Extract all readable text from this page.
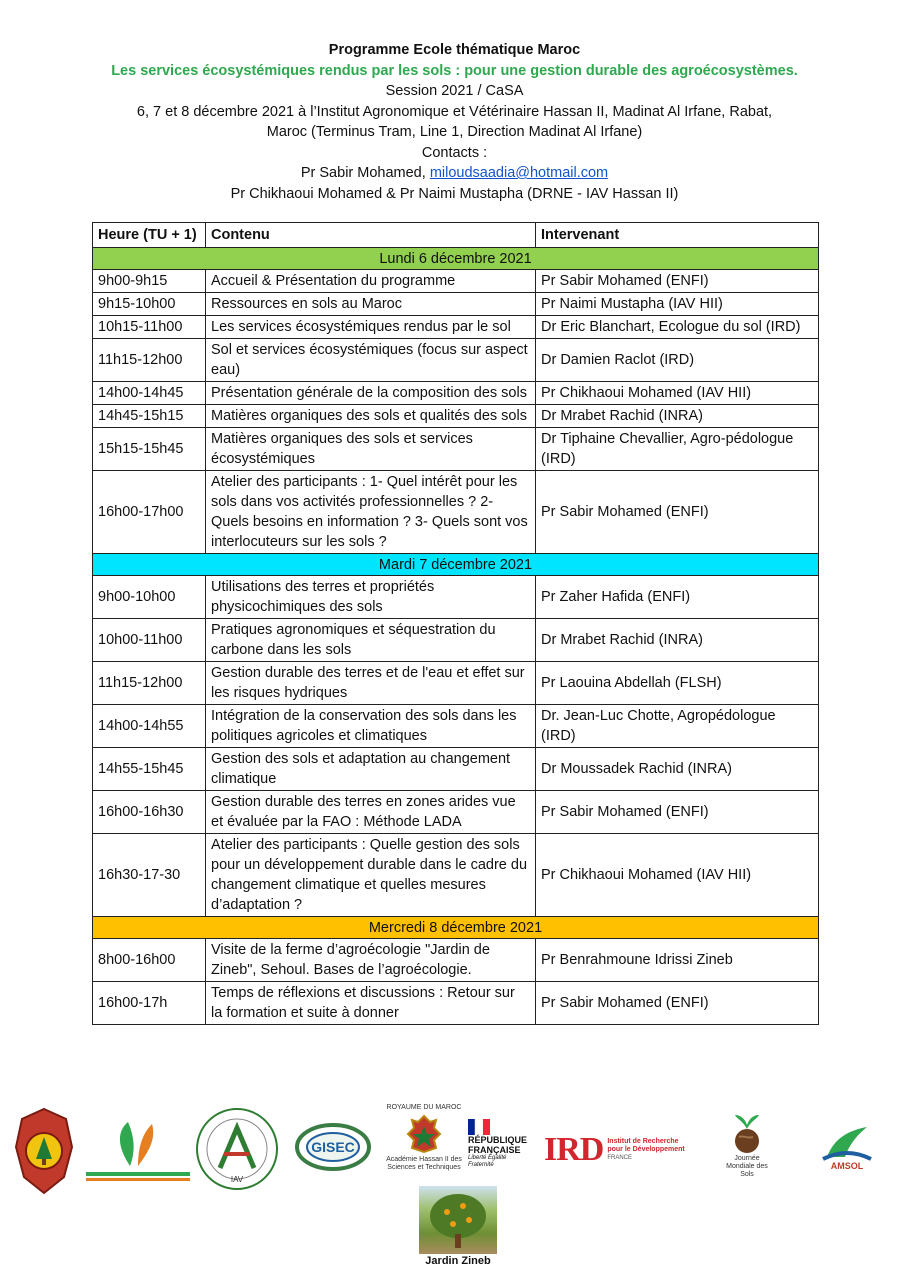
Programme Ecole thématique Maroc
Les services écosystémiques rendus par les sols : pour une gestion durable des agroécosystèmes.
Session 2021 / CaSA
6, 7 et 8 décembre 2021 à l’Institut Agronomique et Vétérinaire Hassan II, Madinat Al Irfane, Rabat,
Maroc (Terminus Tram, Line 1, Direction Madinat Al Irfane)
Contacts :
Pr Sabir Mohamed, miloudsaadia@hotmail.com
Pr Chikhaoui Mohamed & Pr Naimi Mustapha (DRNE - IAV Hassan II)
Heure (TU + 1)	Contenu	Intervenant
Lundi 6 décembre 2021		
9h00-9h15	Accueil & Présentation du programme	Pr Sabir Mohamed (ENFI)
9h15-10h00	Ressources en sols au Maroc	Pr Naimi Mustapha (IAV HII)
10h15-11h00	Les services écosystémiques rendus par le sol	Dr Eric Blanchart, Ecologue du sol (IRD)
11h15-12h00	Sol et services écosystémiques (focus sur aspect eau)	Dr Damien Raclot (IRD)
14h00-14h45	Présentation générale de la composition des sols	Pr Chikhaoui Mohamed (IAV HII)
14h45-15h15	Matières organiques des sols et qualités des sols	Dr Mrabet Rachid (INRA)
15h15-15h45	Matières organiques des sols et services écosystémiques	Dr Tiphaine Chevallier, Agro-pédologue (IRD)
16h00-17h00	Atelier des participants : 1- Quel intérêt pour les sols dans vos activités professionnelles ? 2- Quels besoins en information ? 3- Quels sont vos interlocuteurs sur les sols ?	Pr Sabir Mohamed (ENFI)
Mardi 7 décembre 2021		
9h00-10h00	Utilisations des terres et propriétés physicochimiques des sols	Pr Zaher Hafida (ENFI)
10h00-11h00	Pratiques agronomiques et séquestration du carbone dans les sols	Dr Mrabet Rachid (INRA)
11h15-12h00	Gestion durable des terres et de l'eau et effet sur les risques hydriques	Pr Laouina Abdellah (FLSH)
14h00-14h55	Intégration de la conservation des sols dans les politiques agricoles et climatiques	Dr. Jean-Luc Chotte, Agropédologue (IRD)
14h55-15h45	Gestion des sols et adaptation au changement climatique	Dr Moussadek Rachid (INRA)
16h00-16h30	Gestion durable des terres en zones arides vue et évaluée par la FAO : Méthode LADA	Pr Sabir Mohamed (ENFI)
16h30-17-30	Atelier des participants : Quelle gestion des sols pour un développement durable dans le cadre du changement climatique et quelles mesures d’adaptation ?	Pr Chikhaoui Mohamed (IAV HII)
Mercredi 8 décembre 2021		
8h00-16h00	Visite de la ferme d’agroécologie "Jardin de Zineb", Sehoul. Bases de l’agroécologie.	Pr Benrahmoune Idrissi Zineb
16h00-17h	Temps de réflexions et discussions : Retour sur la formation et suite à donner	Pr Sabir Mohamed (ENFI)
IAV
GISEC
ROYAUME DU MAROC
Académie Hassan II des Sciences et Techniques
RÉPUBLIQUE
FRANÇAISE
Liberté Égalité Fraternité	IRD Institut de Recherche pour le Développement
FRANCE	Journée Mondiale des Sols
AMSOL
Jardin Zineb
